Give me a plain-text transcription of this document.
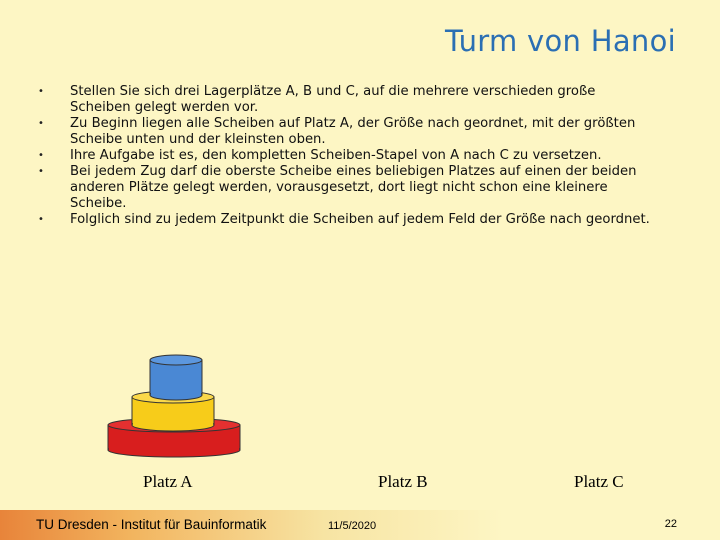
Turm von Hanoi
• Stellen Sie sich drei Lagerplätze A, B und C, auf die mehrere verschieden große Scheiben gelegt werden vor.
• Zu Beginn liegen alle Scheiben auf Platz A, der Größe nach geordnet, mit der größten Scheibe unten und der kleinsten oben.
• Ihre Aufgabe ist es, den kompletten Scheiben-Stapel von A nach C zu versetzen.
• Bei jedem Zug darf die oberste Scheibe eines beliebigen Platzes auf einen der beiden anderen Plätze gelegt werden, vorausgesetzt, dort liegt nicht schon eine kleinere Scheibe.
• Folglich sind zu jedem Zeitpunkt die Scheiben auf jedem Feld der Größe nach geordnet.
Platz A	Platz B	Platz C
TU Dresden - Institut für Bauinformatik	11/5/2020	22
